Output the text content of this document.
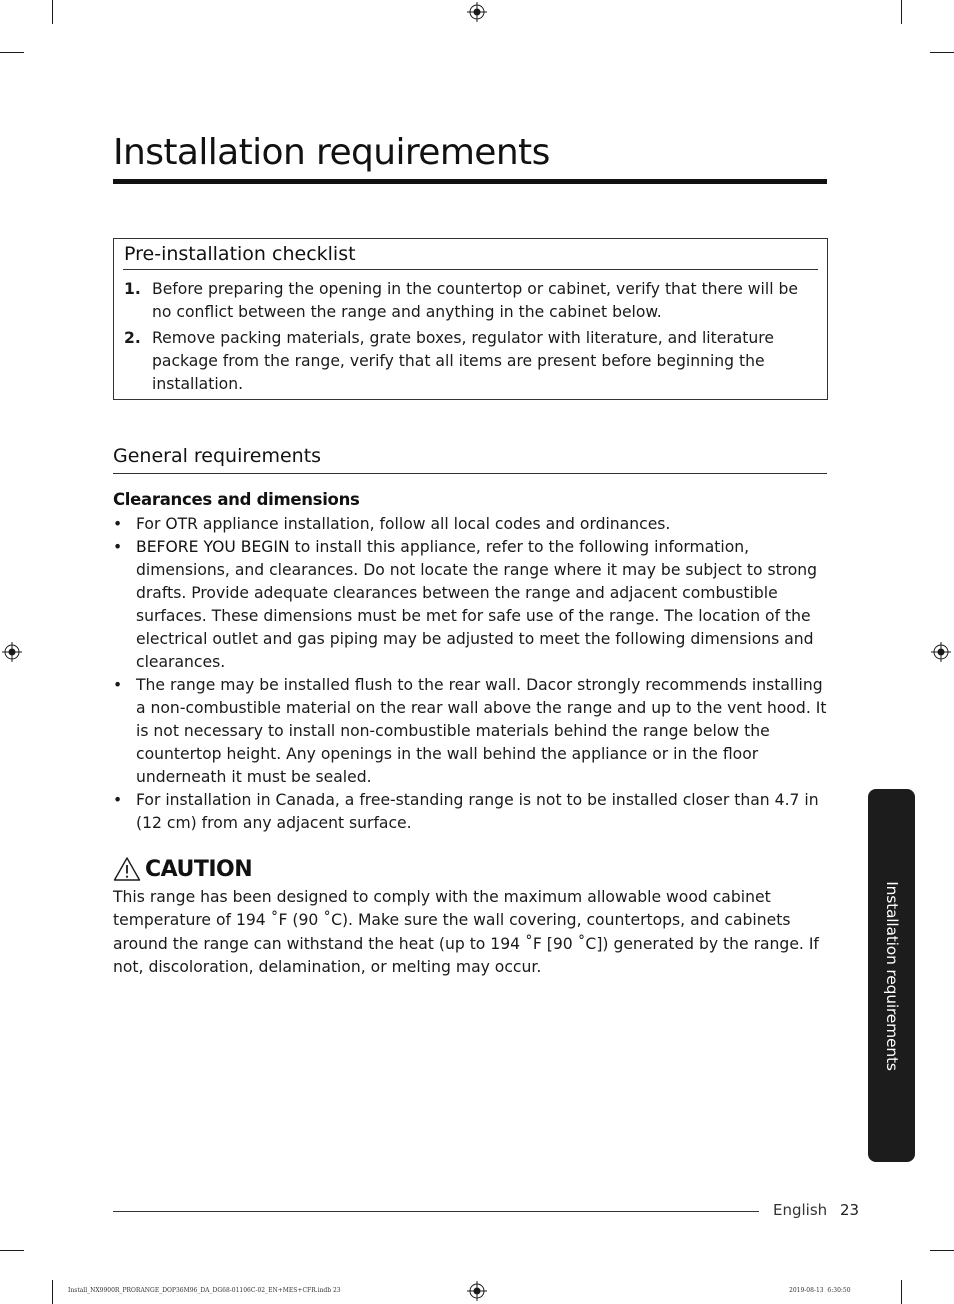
Installation requirements
Pre-installation checklist
1. Before preparing the opening in the countertop or cabinet, verify that there will be no conflict between the range and anything in the cabinet below.
2. Remove packing materials, grate boxes, regulator with literature, and literature package from the range, verify that all items are present before beginning the installation.
General requirements
Clearances and dimensions
• For OTR appliance installation, follow all local codes and ordinances.
• BEFORE YOU BEGIN to install this appliance, refer to the following information, dimensions, and clearances. Do not locate the range where it may be subject to strong drafts. Provide adequate clearances between the range and adjacent combustible surfaces. These dimensions must be met for safe use of the range. The location of the electrical outlet and gas piping may be adjusted to meet the following dimensions and clearances.
• The range may be installed flush to the rear wall. Dacor strongly recommends installing a non-combustible material on the rear wall above the range and up to the vent hood. It is not necessary to install non-combustible materials behind the range below the countertop height. Any openings in the wall behind the appliance or in the floor underneath it must be sealed.
• For installation in Canada, a free-standing range is not to be installed closer than 4.7 in (12 cm) from any adjacent surface.
CAUTION

This range has been designed to comply with the maximum allowable wood cabinet temperature of 194 ˚F (90 ˚C). Make sure the wall covering, countertops, and cabinets around the range can withstand the heat (up to 194 ˚F [90 ˚C]) generated by the range. If not, discoloration, delamination, or melting may occur.	Installation requirements
English 23
Install_NX9900R_PRORANGE_DOP36M96_DA_DG68-01106C-02_EN+MES+CFR.indb 23	2019-08-13 ￼ 6:30:50
